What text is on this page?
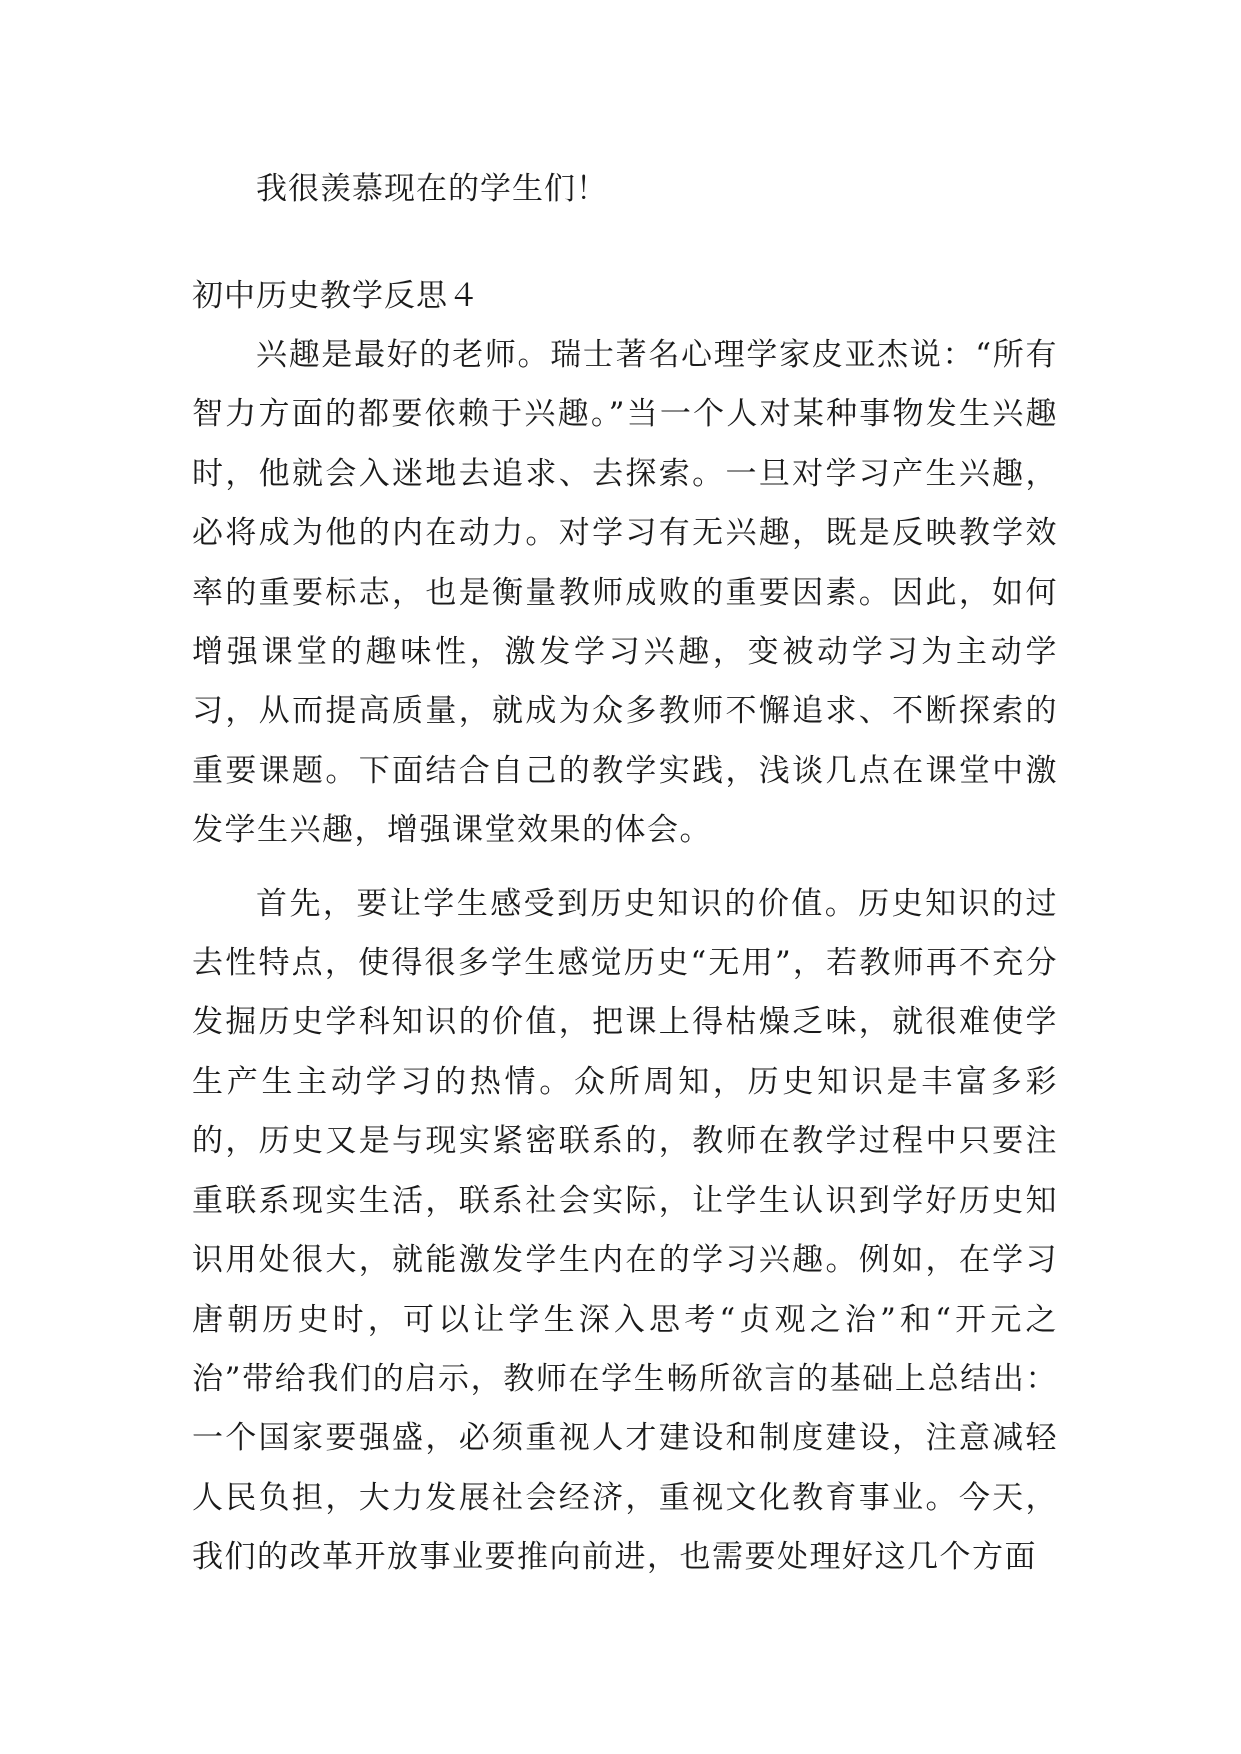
我很羡慕现在的学生们！

初中历史教学反思４

兴趣是最好的老师。瑞士著名心理学家皮亚杰说：“所有智力方面的都要依赖于兴趣。”当一个人对某种事物发生兴趣时，他就会入迷地去追求、去探索。一旦对学习产生兴趣，必将成为他的内在动力。对学习有无兴趣，既是反映教学效率的重要标志，也是衡量教师成败的重要因素。因此，如何增强课堂的趣味性，激发学习兴趣，变被动学习为主动学习，从而提高质量，就成为众多教师不懈追求、不断探索的重要课题。下面结合自己的教学实践，浅谈几点在课堂中激发学生兴趣，增强课堂效果的体会。

首先，要让学生感受到历史知识的价值。历史知识的过去性特点，使得很多学生感觉历史“无用”，若教师再不充分发掘历史学科知识的价值，把课上得枯燥乏味，就很难使学生产生主动学习的热情。众所周知，历史知识是丰富多彩的，历史又是与现实紧密联系的，教师在教学过程中只要注重联系现实生活，联系社会实际，让学生认识到学好历史知识用处很大，就能激发学生内在的学习兴趣。例如，在学习唐朝历史时，可以让学生深入思考“贞观之治”和“开元之治”带给我们的启示，教师在学生畅所欲言的基础上总结出：一个国家要强盛，必须重视人才建设和制度建设，注意减轻人民负担，大力发展社会经济，重视文化教育事业。今天，我们的改革开放事业要推向前进，也需要处理好这几个方面
